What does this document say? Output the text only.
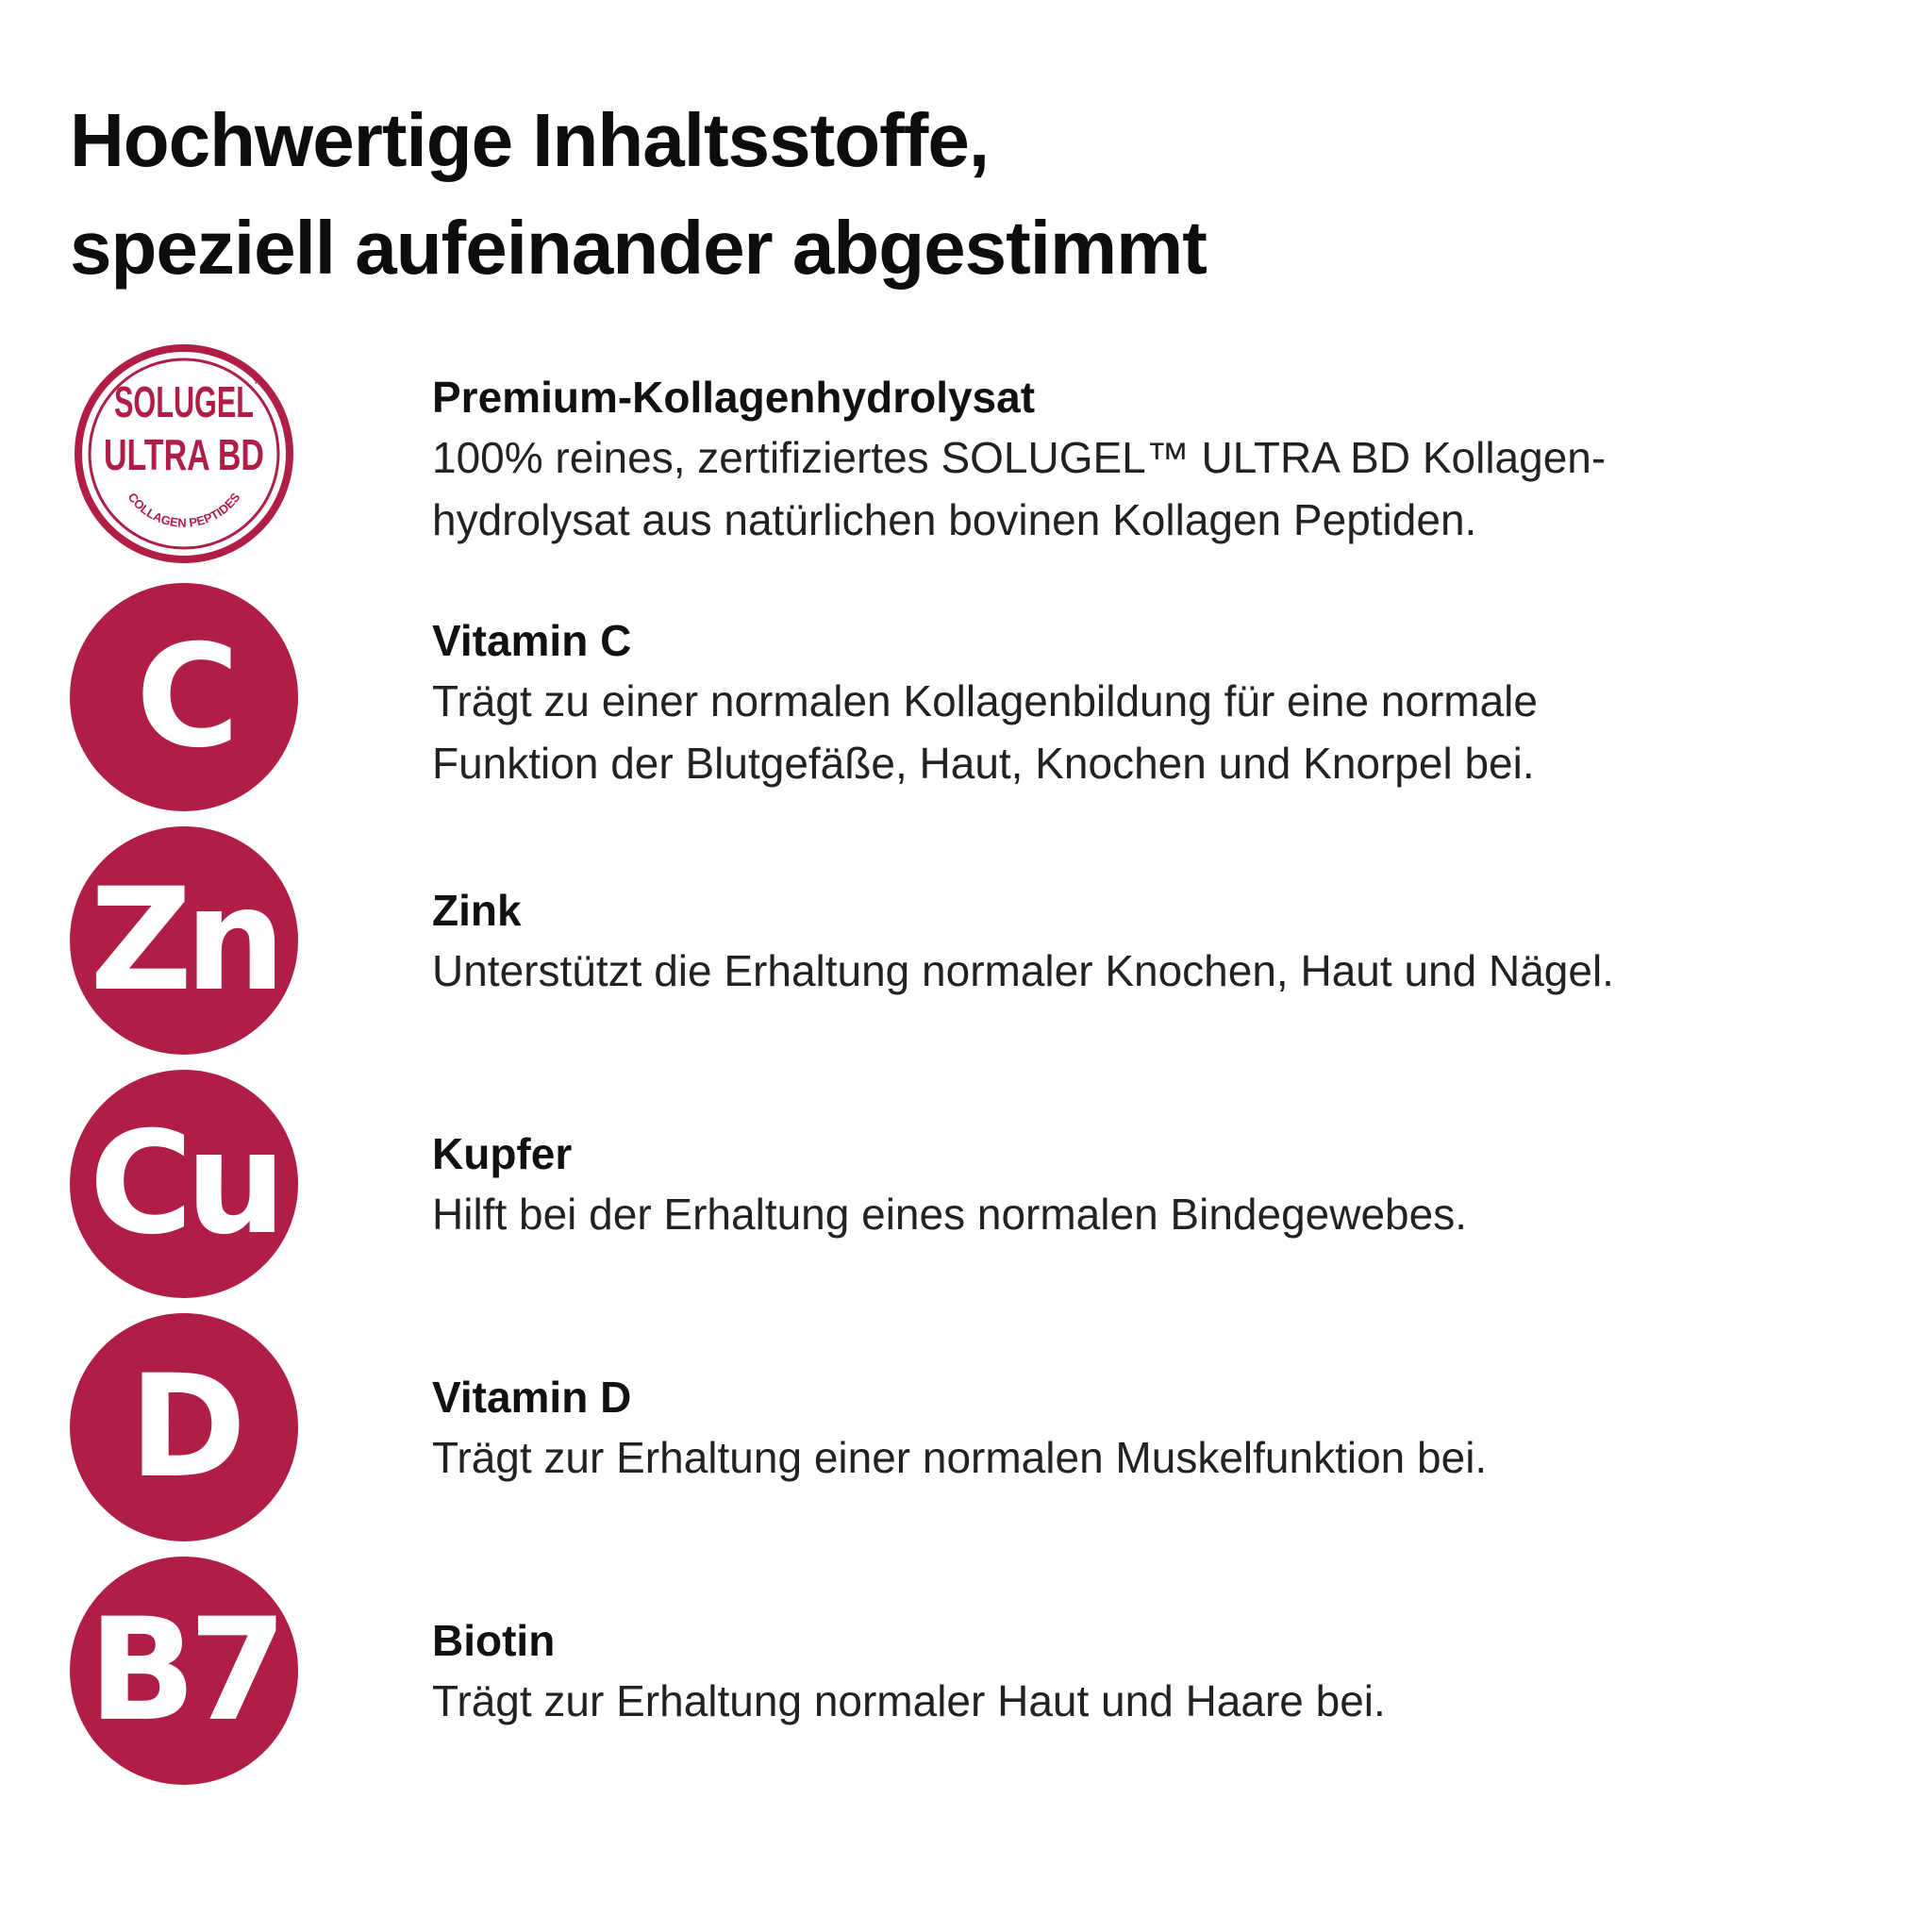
Hochwertige Inhaltsstoffe,
speziell aufeinander abgestimmt
SOLUGEL ™
ULTRA BD
COLLAGEN PEPTIDES

Premium-Kollagenhydrolysat

100% reines, zertifiziertes SOLUGEL™ ULTRA BD Kollagen-

hydrolysat aus natürlichen bovinen Kollagen Peptiden.

C	Vitamin C

Trägt zu einer normalen Kollagenbildung für eine normale

Funktion der Blutgefäße, Haut, Knochen und Knorpel bei.

Zn	Zink

Unterstützt die Erhaltung normaler Knochen, Haut und Nägel.

Cu	Kupfer

Hilft bei der Erhaltung eines normalen Bindegewebes.

D	Vitamin D

Trägt zur Erhaltung einer normalen Muskelfunktion bei.

B7	Biotin

Trägt zur Erhaltung normaler Haut und Haare bei.
